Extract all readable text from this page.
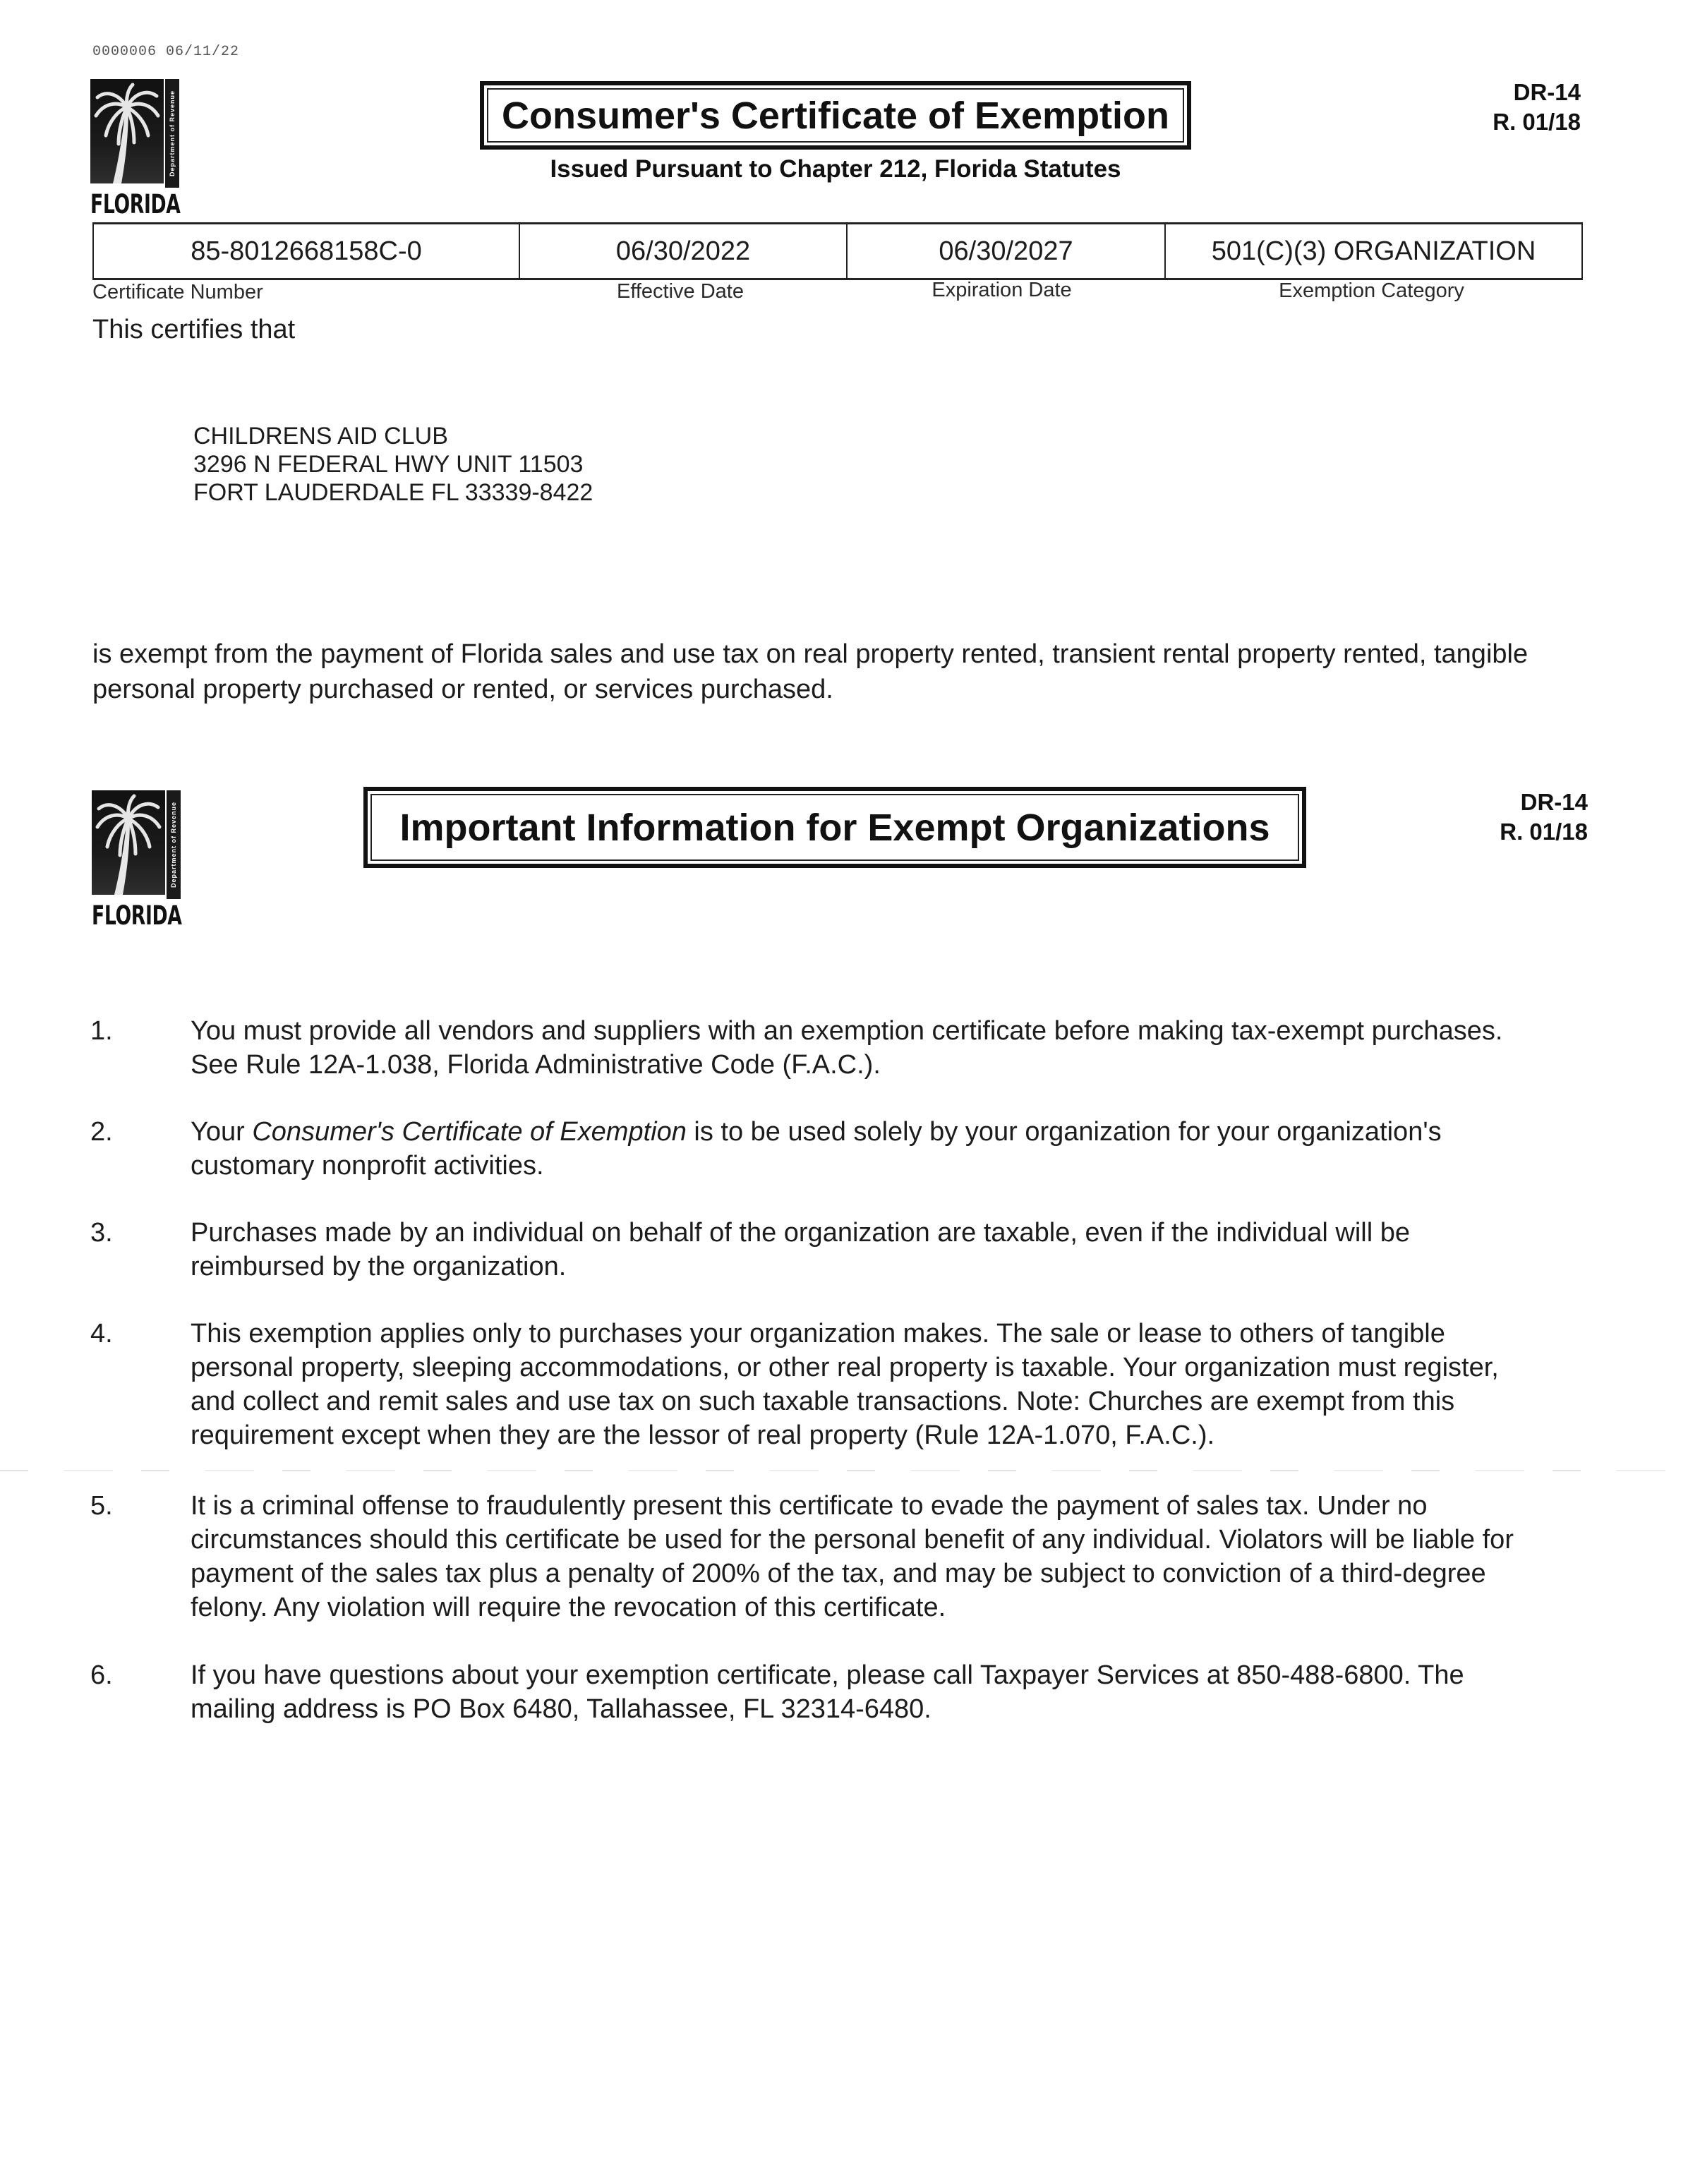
0000006 06/11/22
Department of Revenue
FLORIDA
Consumer's Certificate of Exemption
Issued Pursuant to Chapter 212, Florida Statutes
DR-14
R. 01/18
85-8012668158C-0	06/30/2022	06/30/2027	501(C)(3) ORGANIZATION
Certificate Number	Effective Date	Expiration Date	Exemption Category
This certifies that
CHILDRENS AID CLUB
3296 N FEDERAL HWY UNIT 11503
FORT LAUDERDALE FL 33339-8422
is exempt from the payment of Florida sales and use tax on real property rented, transient rental property rented, tangible
personal property purchased or rented, or services purchased.
Department of Revenue
FLORIDA
Important Information for Exempt Organizations
DR-14
R. 01/18
1.	You must provide all vendors and suppliers with an exemption certificate before making tax-exempt purchases.
See Rule 12A-1.038, Florida Administrative Code (F.A.C.).
2.	Your Consumer's Certificate of Exemption is to be used solely by your organization for your organization's
customary nonprofit activities.
3.	Purchases made by an individual on behalf of the organization are taxable, even if the individual will be
reimbursed by the organization.
4.	This exemption applies only to purchases your organization makes. The sale or lease to others of tangible
personal property, sleeping accommodations, or other real property is taxable. Your organization must register,
and collect and remit sales and use tax on such taxable transactions. Note: Churches are exempt from this
requirement except when they are the lessor of real property (Rule 12A-1.070, F.A.C.).
5.	It is a criminal offense to fraudulently present this certificate to evade the payment of sales tax. Under no
circumstances should this certificate be used for the personal benefit of any individual. Violators will be liable for
payment of the sales tax plus a penalty of 200% of the tax, and may be subject to conviction of a third-degree
felony. Any violation will require the revocation of this certificate.
6.	If you have questions about your exemption certificate, please call Taxpayer Services at 850-488-6800. The
mailing address is PO Box 6480, Tallahassee, FL 32314-6480.
